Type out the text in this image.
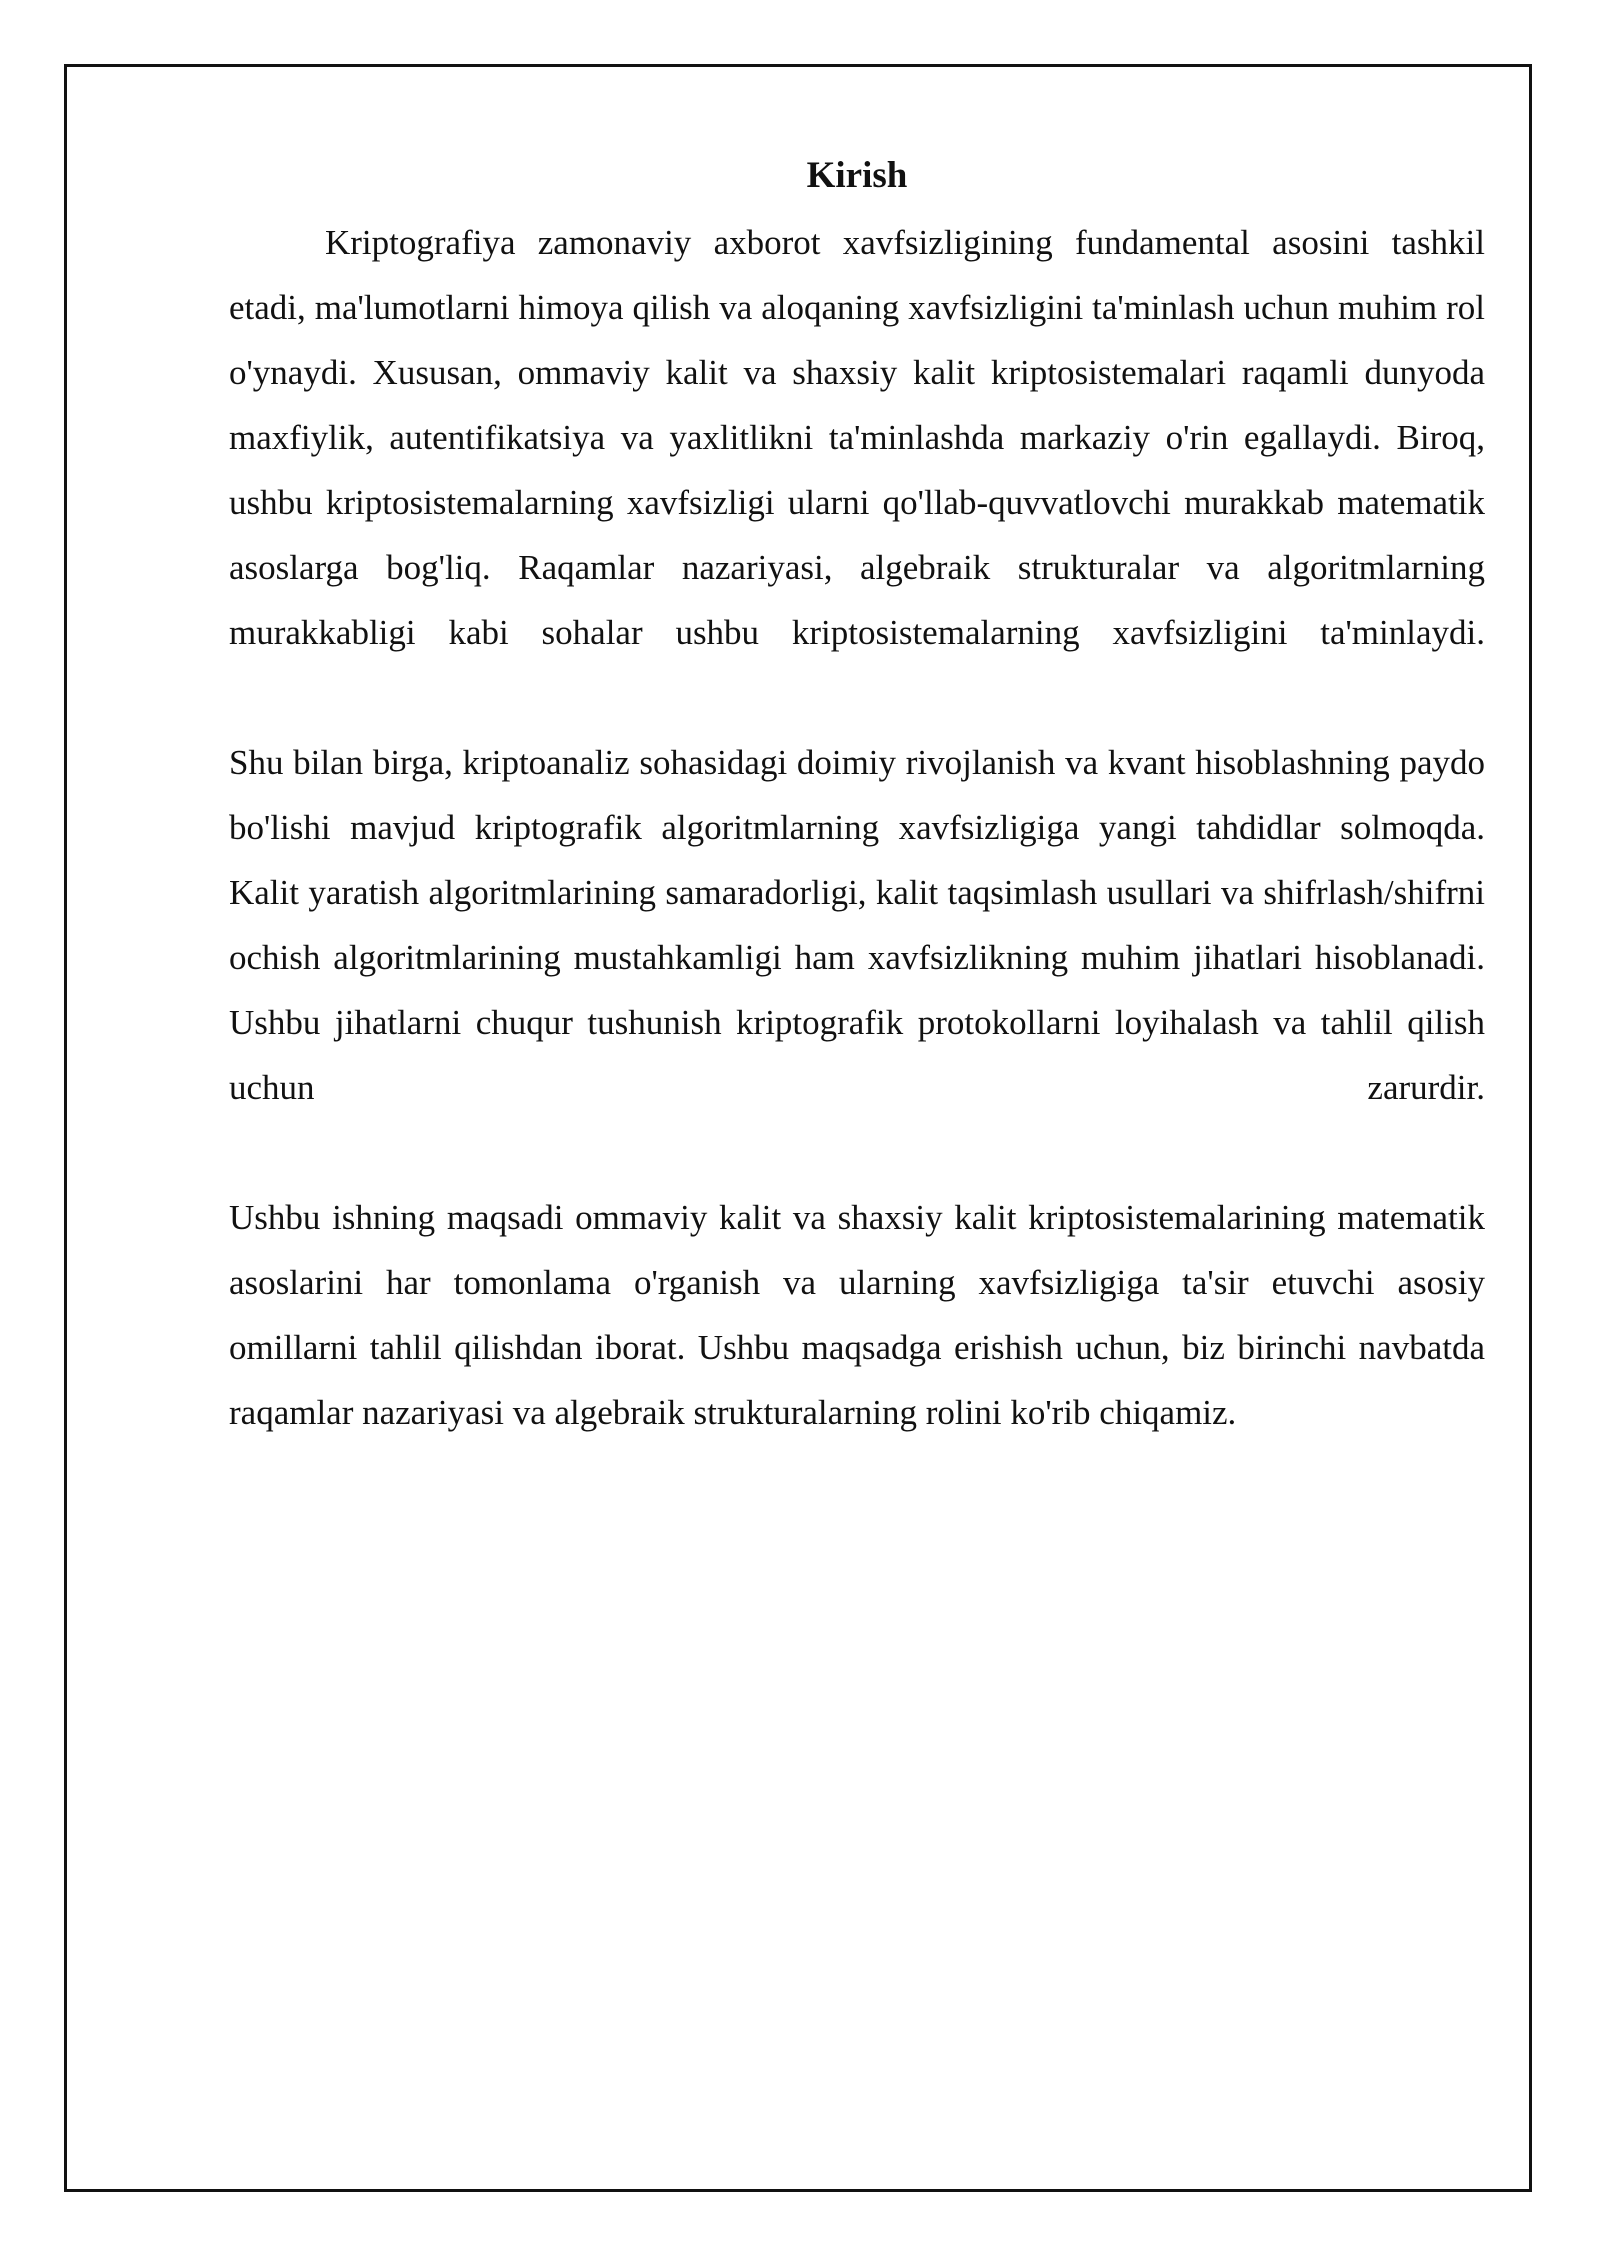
Kirish

Kriptografiya zamonaviy axborot xavfsizligining fundamental asosini tashkil etadi, ma'lumotlarni himoya qilish va aloqaning xavfsizligini ta'minlash uchun muhim rol o'ynaydi. Xususan, ommaviy kalit va shaxsiy kalit kriptosistemalari raqamli dunyoda maxfiylik, autentifikatsiya va yaxlitlikni ta'minlashda markaziy o'rin egallaydi. Biroq, ushbu kriptosistemalarning xavfsizligi ularni qo'llab-quvvatlovchi murakkab matematik asoslarga bog'liq. Raqamlar nazariyasi, algebraik strukturalar va algoritmlarning murakkabligi kabi sohalar ushbu kriptosistemalarning xavfsizligini ta'minlaydi.

Shu bilan birga, kriptoanaliz sohasidagi doimiy rivojlanish va kvant hisoblashning paydo bo'lishi mavjud kriptografik algoritmlarning xavfsizligiga yangi tahdidlar solmoqda. Kalit yaratish algoritmlarining samaradorligi, kalit taqsimlash usullari va shifrlash/shifrni ochish algoritmlarining mustahkamligi ham xavfsizlikning muhim jihatlari hisoblanadi. Ushbu jihatlarni chuqur tushunish kriptografik protokollarni loyihalash va tahlil qilish uchun zarurdir.

Ushbu ishning maqsadi ommaviy kalit va shaxsiy kalit kriptosistemalarining matematik asoslarini har tomonlama o'rganish va ularning xavfsizligiga ta'sir etuvchi asosiy omillarni tahlil qilishdan iborat. Ushbu maqsadga erishish uchun, biz birinchi navbatda raqamlar nazariyasi va algebraik strukturalarning rolini ko'rib chiqamiz.
